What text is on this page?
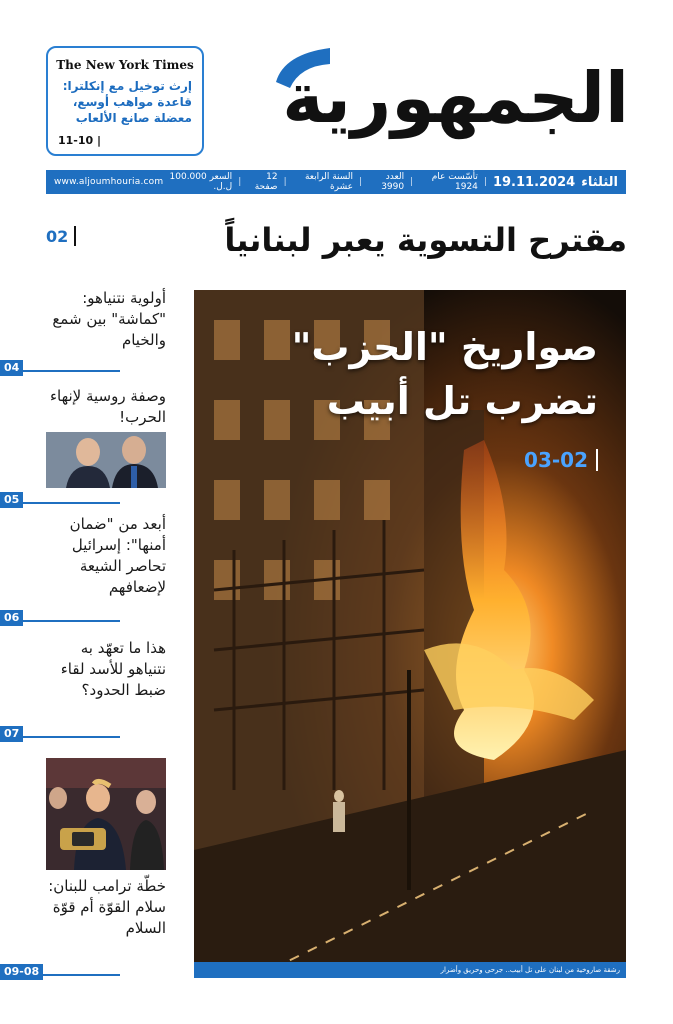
الجمهورية
The New York Times
إرث توخيل مع إنكلترا: قاعدة مواهب أوسع، معضلة صانع الألعاب
11-10 |
www.aljoumhouria.com	الثلثاء
19.11.2024
|
تأسّست عام 1924
|
العدد 3990
|
السنة الرابعة عشرة
|
12 صفحة
|
السعر 100.000 ل.ل.
مقترح التسوية يعبر لبنانياً
02
صواريخ "الحزب"
تضرب تل أبيب
03-02
رشقة صاروخية من لبنان على تل أبيب.. جرحى وحريق وأضرار
أولوية نتنياهو: "كماشة" بين شمع والخيام
04
وصفة روسية لإنهاء الحرب!
05
أبعد من "ضمان أمنها": إسرائيل تحاصر الشيعة لإضعافهم
06
هذا ما تعهّد به نتنياهو للأسد لقاء ضبط الحدود؟
07
خطّة ترامب للبنان: سلام القوّة أم قوّة السلام
09-08
